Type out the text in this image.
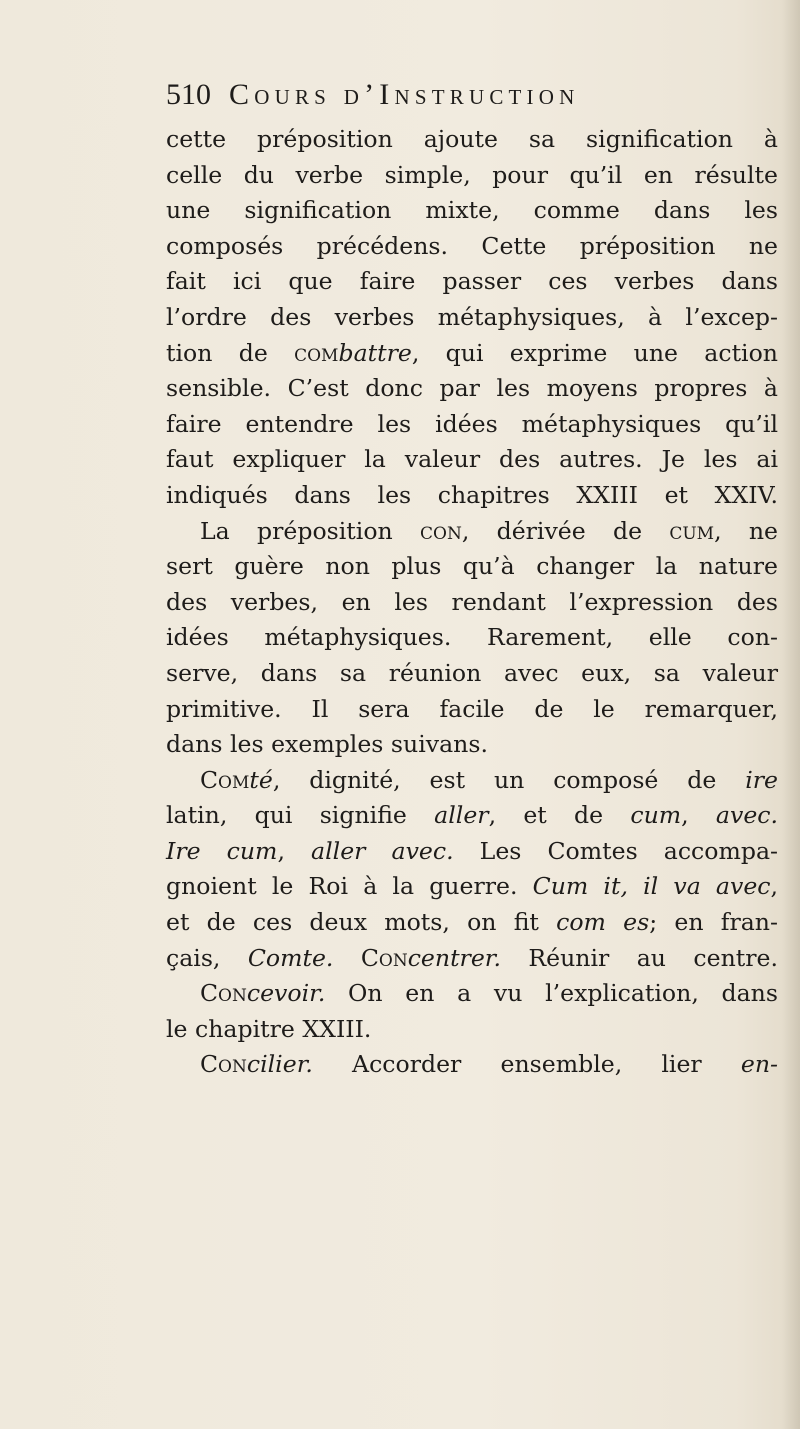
510 Cours d’Instruction
cette préposition ajoute sa signification à
celle du verbe simple, pour qu’il en résulte
une signification mixte, comme dans les
composés précédens. Cette préposition ne
fait ici que faire passer ces verbes dans
l’ordre des verbes métaphysiques, à l’excep-
tion de combattre, qui exprime une action
sensible. C’est donc par les moyens propres à
faire entendre les idées métaphysiques qu’il
faut expliquer la valeur des autres. Je les ai
indiqués dans les chapitres XXIII et XXIV.
La préposition con, dérivée de cum, ne
sert guère non plus qu’à changer la nature
des verbes, en les rendant l’expression des
idées métaphysiques. Rarement, elle con-
serve, dans sa réunion avec eux, sa valeur
primitive. Il sera facile de le remarquer,
dans les exemples suivans.
Comté, dignité, est un composé de ire
latin, qui signifie aller, et de cum, avec.
Ire cum, aller avec. Les Comtes accompa-
gnoient le Roi à la guerre. Cum it, il va avec,
et de ces deux mots, on fit com es; en fran-
çais, Comte. Concentrer. Réunir au centre.
Concevoir. On en a vu l’explication, dans
le chapitre XXIII.
Concilier. Accorder ensemble, lier en-
